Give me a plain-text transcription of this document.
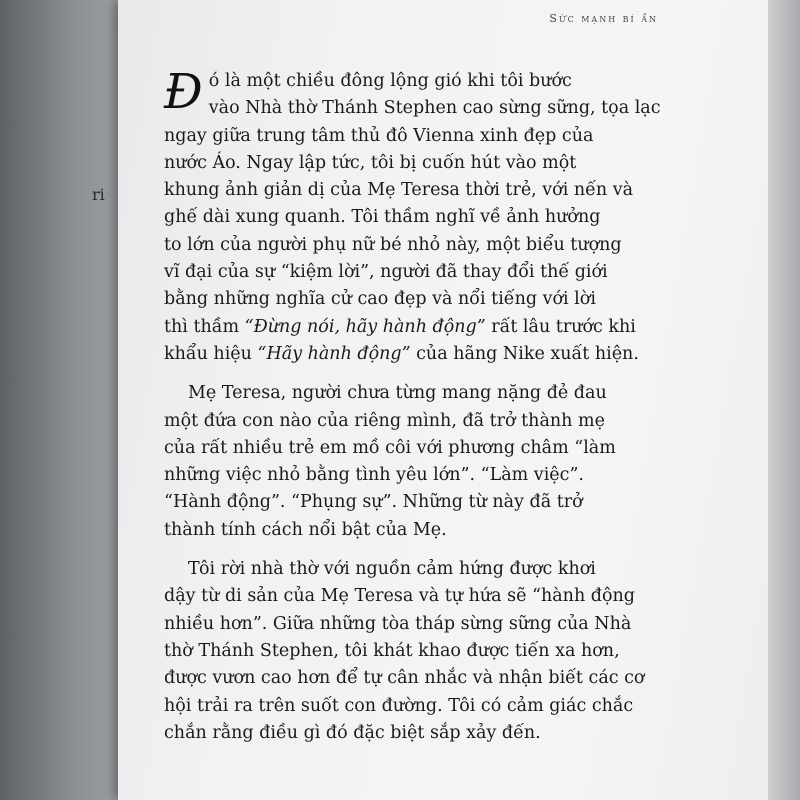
ri
Sức mạnh bí ẩn

Đ ó là một chiều đông lộng gió khi tôi bước
vào Nhà thờ Thánh Stephen cao sừng sững, tọa lạc
ngay giữa trung tâm thủ đô Vienna xinh đẹp của
nước Áo. Ngay lập tức, tôi bị cuốn hút vào một
khung ảnh giản dị của Mẹ Teresa thời trẻ, với nến và
ghế dài xung quanh. Tôi thầm nghĩ về ảnh hưởng
to lớn của người phụ nữ bé nhỏ này, một biểu tượng
vĩ đại của sự “kiệm lời”, người đã thay đổi thế giới
bằng những nghĩa cử cao đẹp và nổi tiếng với lời
thì thầm “Đừng nói, hãy hành động” rất lâu trước khi
khẩu hiệu “Hãy hành động” của hãng Nike xuất hiện.

Mẹ Teresa, người chưa từng mang nặng đẻ đau
một đứa con nào của riêng mình, đã trở thành mẹ
của rất nhiều trẻ em mồ côi với phương châm “làm
những việc nhỏ bằng tình yêu lớn”. “Làm việc”.
“Hành động”. “Phụng sự”. Những từ này đã trở
thành tính cách nổi bật của Mẹ.

Tôi rời nhà thờ với nguồn cảm hứng được khơi
dậy từ di sản của Mẹ Teresa và tự hứa sẽ “hành động
nhiều hơn”. Giữa những tòa tháp sừng sững của Nhà
thờ Thánh Stephen, tôi khát khao được tiến xa hơn,
được vươn cao hơn để tự cân nhắc và nhận biết các cơ
hội trải ra trên suốt con đường. Tôi có cảm giác chắc
chắn rằng điều gì đó đặc biệt sắp xảy đến.
